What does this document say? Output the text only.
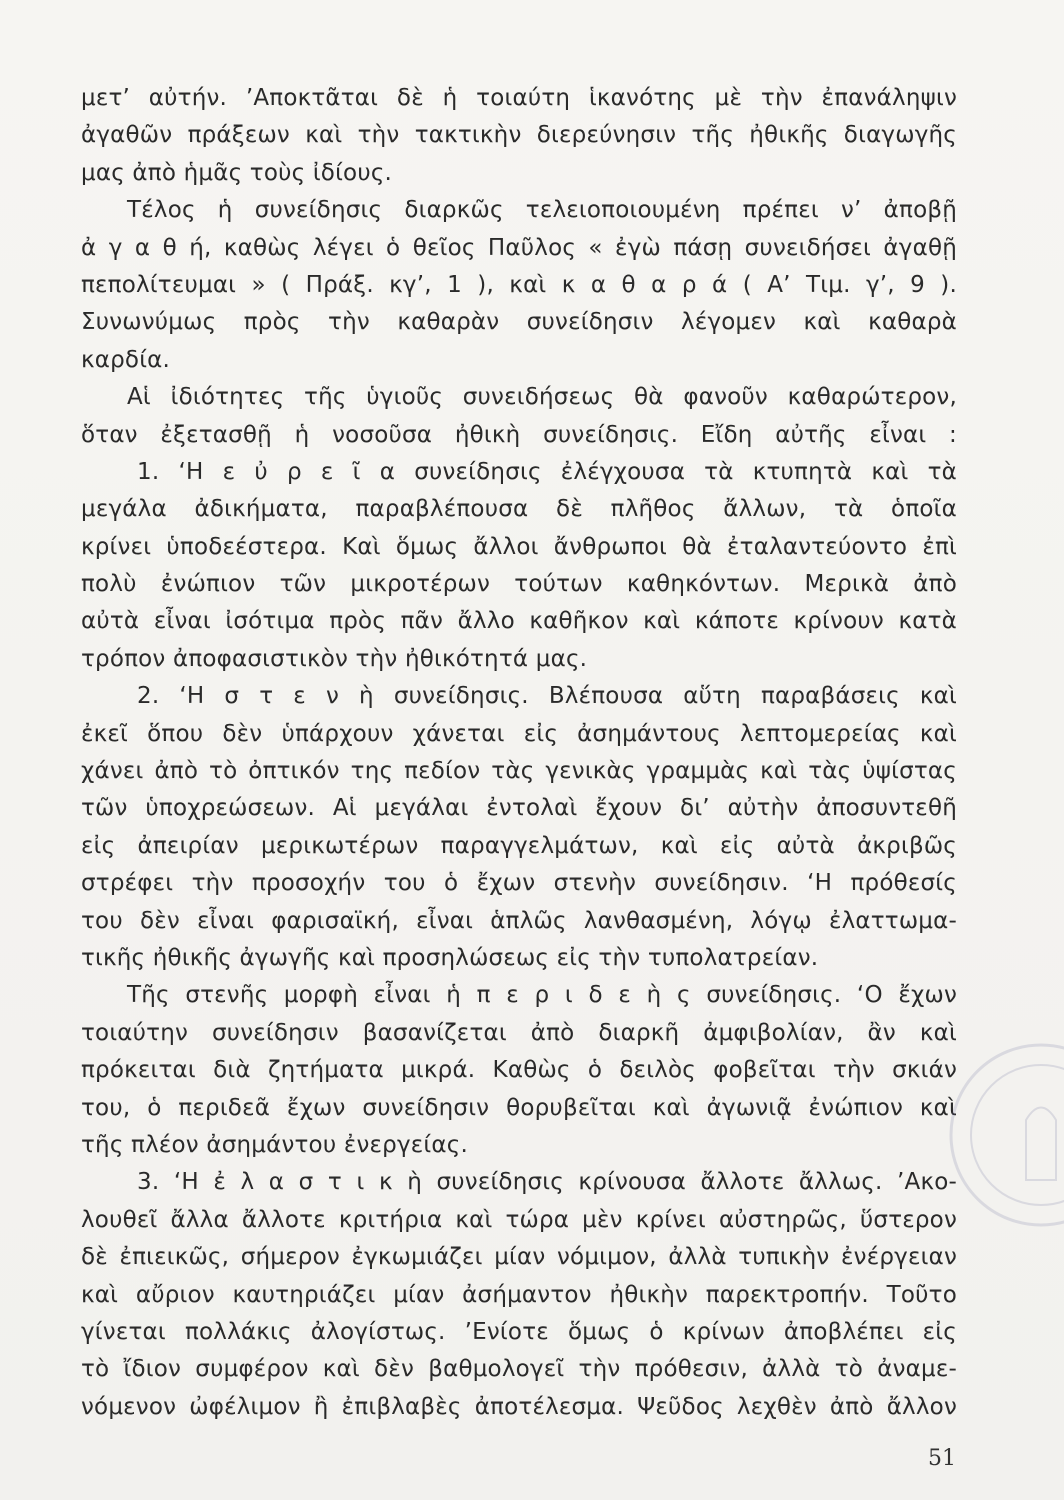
μετ’ αὐτήν. ’Αποκτᾶται δὲ ἡ τοιαύτη ἱκανότης μὲ τὴν ἐπανάληψιν
ἀγαθῶν πράξεων καὶ τὴν τακτικὴν διερεύνησιν τῆς ἠθικῆς διαγωγῆς
μας ἀπὸ ἡμᾶς τοὺς ἰδίους.
Τέλος ἡ συνείδησις διαρκῶς τελειοποιουμένη πρέπει ν’ ἀποβῇ
ἀ γ α θ ή, καθὼς λέγει ὁ θεῖος Παῦλος « ἐγὼ πάσῃ συνειδήσει ἀγαθῇ
πεπολίτευμαι » ( Πράξ. κγ’, 1 ), καὶ κ α θ α ρ ά ( Α’ Τιμ. γ’, 9 ).
Συνωνύμως πρὸς τὴν καθαρὰν συνείδησιν λέγομεν καὶ καθαρὰ
καρδία.
Αἱ ἰδιότητες τῆς ὑγιοῦς συνειδήσεως θὰ φανοῦν καθαρώτερον,
ὅταν ἐξετασθῇ ἡ νοσοῦσα ἠθικὴ συνείδησις. Εἴδη αὐτῆς εἶναι :
1. ‘Η ε ὐ ρ ε ῖ α συνείδησις ἐλέγχουσα τὰ κτυπητὰ καὶ τὰ
μεγάλα ἀδικήματα, παραβλέπουσα δὲ πλῆθος ἄλλων, τὰ ὁποῖα
κρίνει ὑποδεέστερα. Καὶ ὅμως ἄλλοι ἄνθρωποι θὰ ἐταλαντεύοντο ἐπὶ
πολὺ ἐνώπιον τῶν μικροτέρων τούτων καθηκόντων. Μερικὰ ἀπὸ
αὐτὰ εἶναι ἰσότιμα πρὸς πᾶν ἄλλο καθῆκον καὶ κάποτε κρίνουν κατὰ
τρόπον ἀποφασιστικὸν τὴν ἠθικότητά μας.
2. ‘Η σ τ ε ν ὴ συνείδησις. Βλέπουσα αὕτη παραβάσεις καὶ
ἐκεῖ ὅπου δὲν ὑπάρχουν χάνεται εἰς ἀσημάντους λεπτομερείας καὶ
χάνει ἀπὸ τὸ ὀπτικόν της πεδίον τὰς γενικὰς γραμμὰς καὶ τὰς ὑψίστας
τῶν ὑποχρεώσεων. Αἱ μεγάλαι ἐντολαὶ ἔχουν δι’ αὐτὴν ἀποσυντεθῆ
εἰς ἀπειρίαν μερικωτέρων παραγγελμάτων, καὶ εἰς αὐτὰ ἀκριβῶς
στρέφει τὴν προσοχήν του ὁ ἔχων στενὴν συνείδησιν. ‘Η πρόθεσίς
του δὲν εἶναι φαρισαϊκή, εἶναι ἁπλῶς λανθασμένη, λόγῳ ἐλαττωμα-
τικῆς ἠθικῆς ἀγωγῆς καὶ προσηλώσεως εἰς τὴν τυπολατρείαν.
Τῆς στενῆς μορφὴ εἶναι ἡ π ε ρ ι δ ε ὴ ς συνείδησις. ‘Ο ἔχων
τοιαύτην συνείδησιν βασανίζεται ἀπὸ διαρκῆ ἀμφιβολίαν, ἂν καὶ
πρόκειται διὰ ζητήματα μικρά. Καθὼς ὁ δειλὸς φοβεῖται τὴν σκιάν
του, ὁ περιδεᾶ ἔχων συνείδησιν θορυβεῖται καὶ ἀγωνιᾷ ἐνώπιον καὶ
τῆς πλέον ἀσημάντου ἐνεργείας.
3. ‘Η ἐ λ α σ τ ι κ ὴ συνείδησις κρίνουσα ἄλλοτε ἄλλως. ’Ακο-
λουθεῖ ἄλλα ἄλλοτε κριτήρια καὶ τώρα μὲν κρίνει αὐστηρῶς, ὕστερον
δὲ ἐπιεικῶς, σήμερον ἐγκωμιάζει μίαν νόμιμον, ἀλλὰ τυπικὴν ἐνέργειαν
καὶ αὔριον καυτηριάζει μίαν ἀσήμαντον ἠθικὴν παρεκτροπήν. Τοῦτο
γίνεται πολλάκις ἀλογίστως. ’Ενίοτε ὅμως ὁ κρίνων ἀποβλέπει εἰς
τὸ ἴδιον συμφέρον καὶ δὲν βαθμολογεῖ τὴν πρόθεσιν, ἀλλὰ τὸ ἀναμε-
νόμενον ὠφέλιμον ἢ ἐπιβλαβὲς ἀποτέλεσμα. Ψεῦδος λεχθὲν ἀπὸ ἄλλον
51
